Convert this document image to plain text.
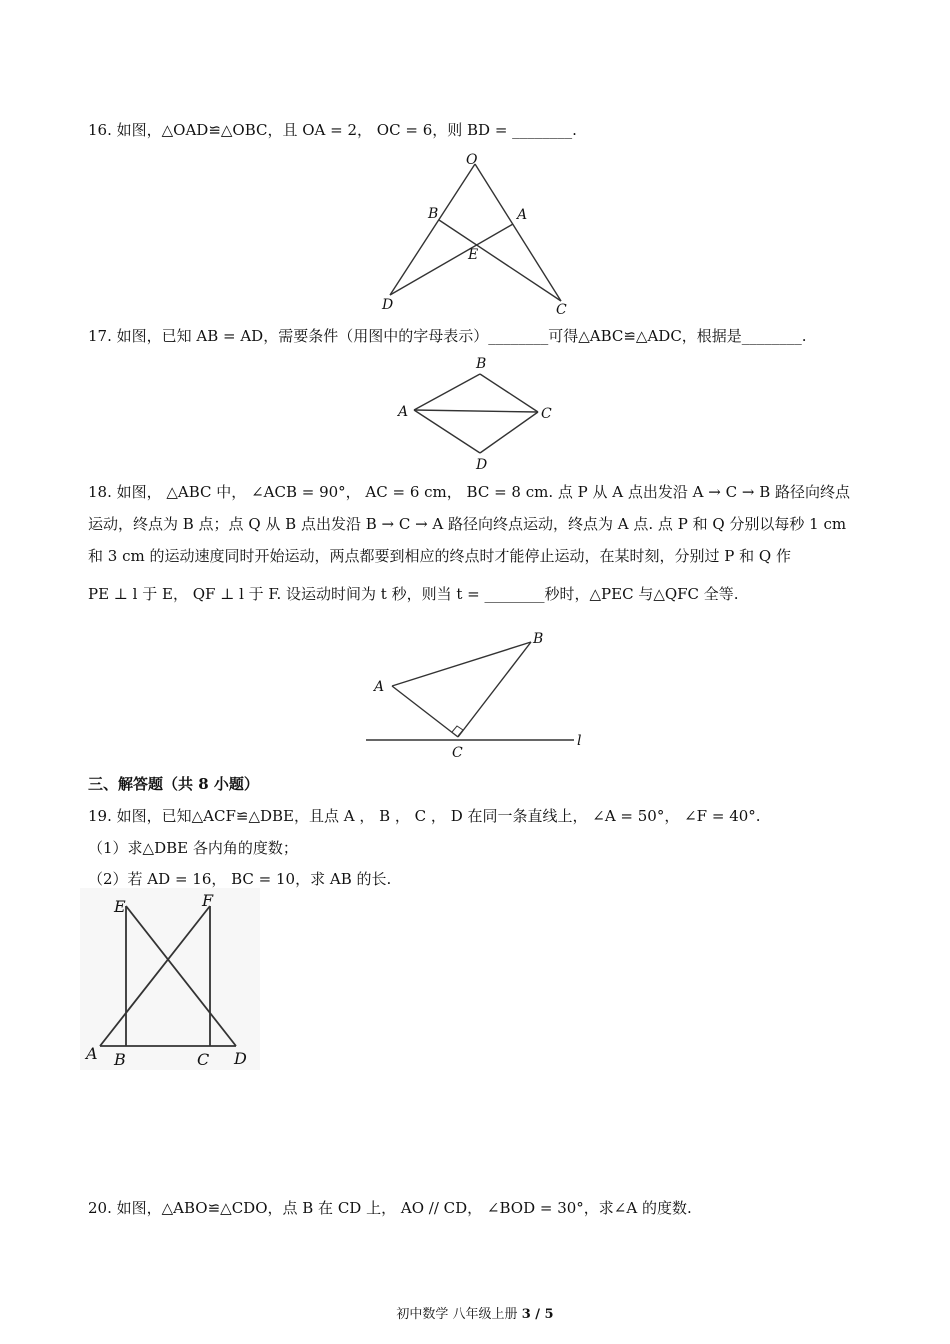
16. 如图，△OAD≌△OBC，且 OA = 2， OC = 6，则 BD = ________.
O
B	A
E
D	C
17. 如图，已知 AB = AD，需要条件（用图中的字母表示）________可得△ABC≌△ADC，根据是________.
A
B
C
D
18. 如图， △ABC 中， ∠ACB = 90°， AC = 6 cm， BC = 8 cm. 点 P 从 A 点出发沿 A → C → B 路径向终点
运动，终点为 B 点；点 Q 从 B 点出发沿 B → C → A 路径向终点运动，终点为 A 点. 点 P 和 Q 分别以每秒 1 cm
和 3 cm 的运动速度同时开始运动，两点都要到相应的终点时才能停止运动，在某时刻，分别过 P 和 Q 作
PE ⊥ l 于 E， QF ⊥ l 于 F. 设运动时间为 t 秒，则当 t = ________秒时，△PEC 与△QFC 全等.
A
B
C
l
三、解答题（共 8 小题）
19. 如图，已知△ACF≌△DBE，且点 A ， B ， C ， D 在同一条直线上， ∠A = 50°， ∠F = 40°.
（1）求△DBE 各内角的度数；
（2）若 AD = 16， BC = 10，求 AB 的长.
E	F
A B	C D
20. 如图，△ABO≌△CDO，点 B 在 CD 上， AO // CD， ∠BOD = 30°，求∠A 的度数.
初中数学 八年级上册 3 / 5
